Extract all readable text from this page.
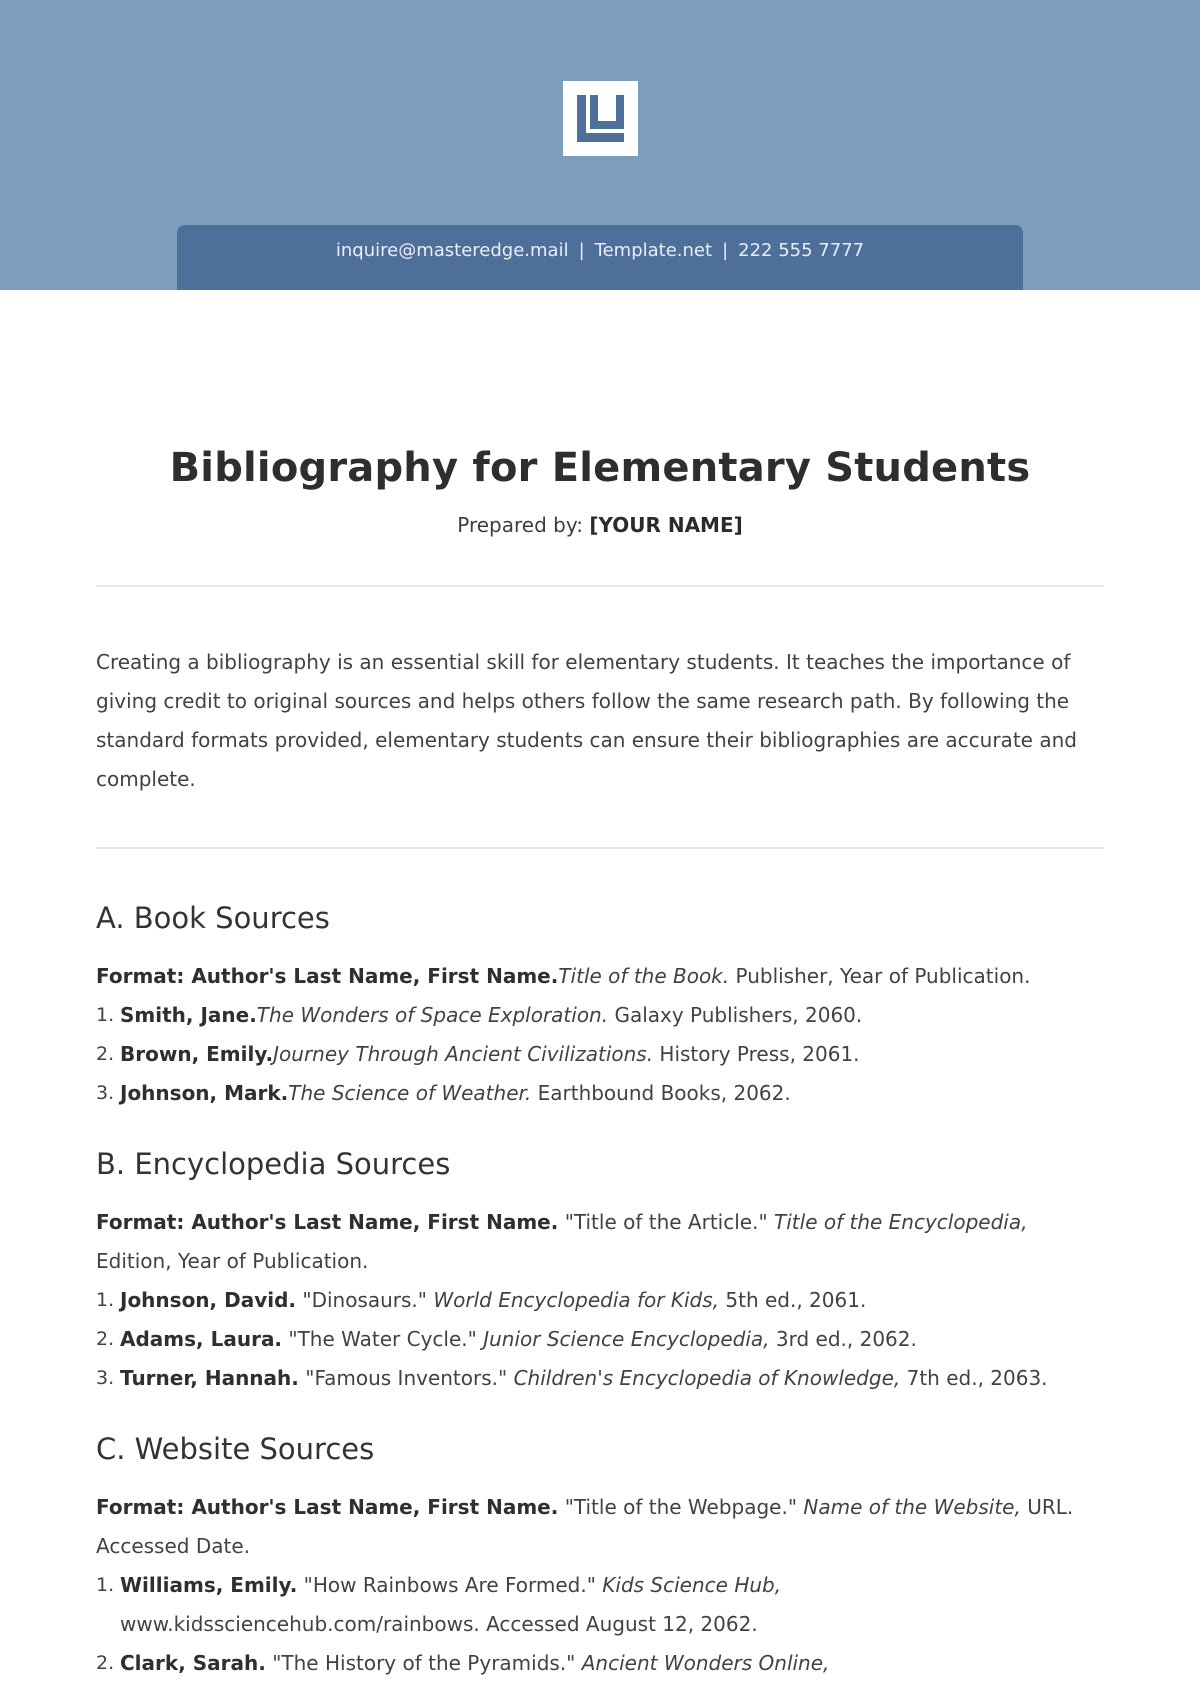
inquire@masteredge.mail | Template.net | 222 555 7777
Bibliography for Elementary Students
Prepared by: [YOUR NAME]

Creating a bibliography is an essential skill for elementary students. It teaches the importance of giving credit to original sources and helps others follow the same research path. By following the standard formats provided, elementary students can ensure their bibliographies are accurate and complete.

A. Book Sources
Format: Author's Last Name, First Name.Title of the Book. Publisher, Year of Publication.
1. Smith, Jane.The Wonders of Space Exploration. Galaxy Publishers, 2060.
2. Brown, Emily.Journey Through Ancient Civilizations. History Press, 2061.
3. Johnson, Mark.The Science of Weather. Earthbound Books, 2062.
B. Encyclopedia Sources
Format: Author's Last Name, First Name. "Title of the Article." Title of the Encyclopedia, Edition, Year of Publication.
1. Johnson, David. "Dinosaurs." World Encyclopedia for Kids, 5th ed., 2061.
2. Adams, Laura. "The Water Cycle." Junior Science Encyclopedia, 3rd ed., 2062.
3. Turner, Hannah. "Famous Inventors." Children's Encyclopedia of Knowledge, 7th ed., 2063.
C. Website Sources
Format: Author's Last Name, First Name. "Title of the Webpage." Name of the Website, URL. Accessed Date.
1. Williams, Emily. "How Rainbows Are Formed." Kids Science Hub, www.kidssciencehub.com/rainbows. Accessed August 12, 2062.
2. Clark, Sarah. "The History of the Pyramids." Ancient Wonders Online,
